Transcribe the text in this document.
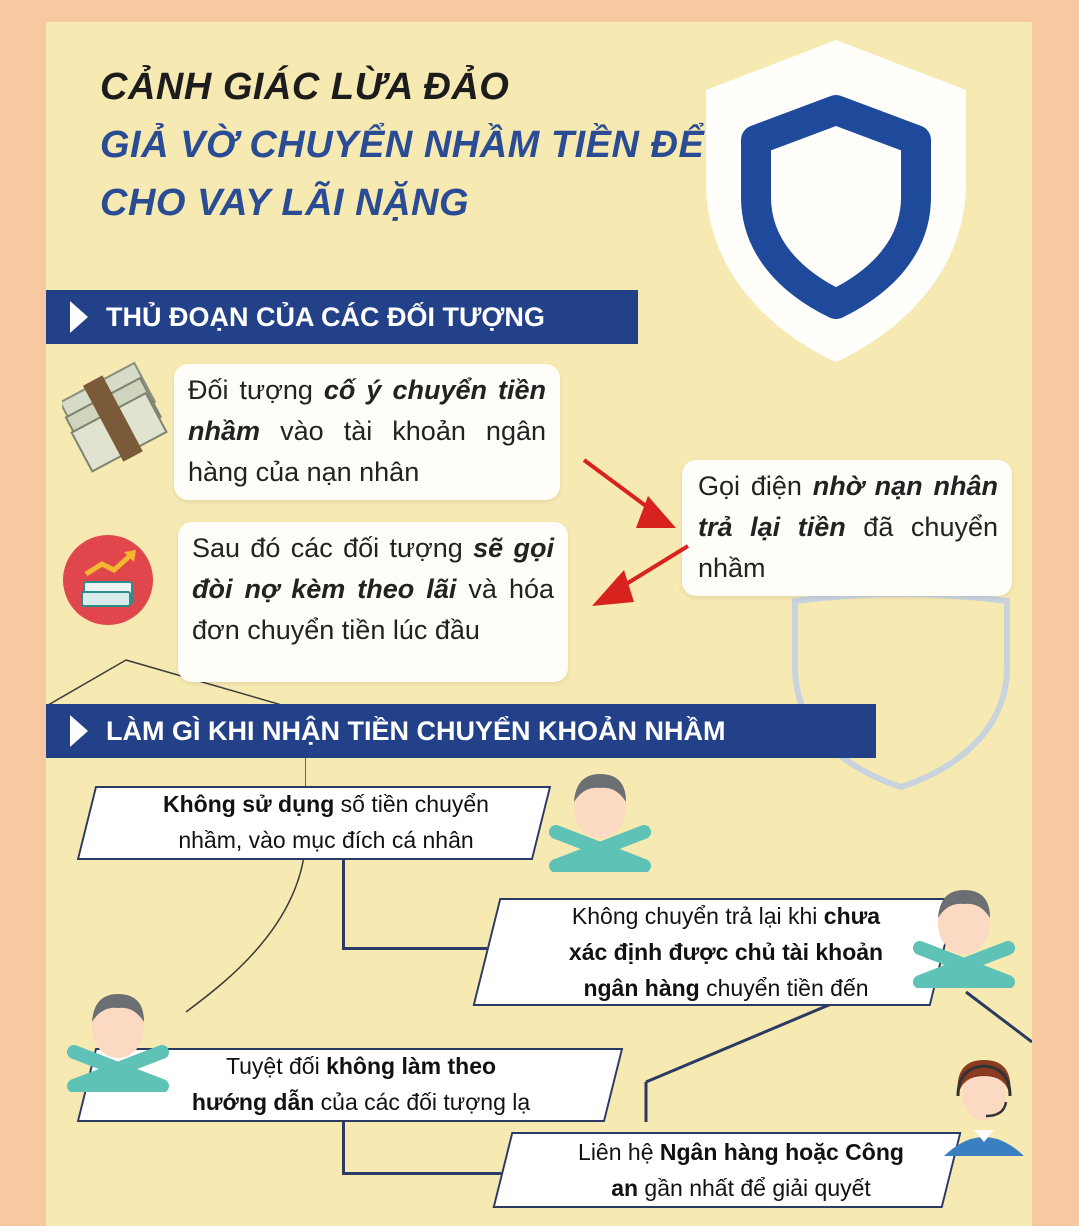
CẢNH GIÁC LỪA ĐẢO
GIẢ VỜ CHUYỂN NHẦM TIỀN ĐỂ
CHO VAY LÃI NẶNG
THỦ ĐOẠN CỦA CÁC ĐỐI TƯỢNG
Đối tượng cố ý chuyển tiền nhầm vào tài khoản ngân hàng của nạn nhân	Gọi điện nhờ nạn nhân trả lại tiền đã chuyển nhầm
Sau đó các đối tượng sẽ gọi đòi nợ kèm theo lãi và hóa đơn chuyển tiền lúc đầu
LÀM GÌ KHI NHẬN TIỀN CHUYỂN KHOẢN NHẦM
Không sử dụng số tiền chuyển
nhầm, vào mục đích cá nhân
Không chuyển trả lại khi chưa
xác định được chủ tài khoản
ngân hàng chuyển tiền đến
Tuyệt đối không làm theo
hướng dẫn của các đối tượng lạ
Liên hệ Ngân hàng hoặc Công
an gần nhất để giải quyết
